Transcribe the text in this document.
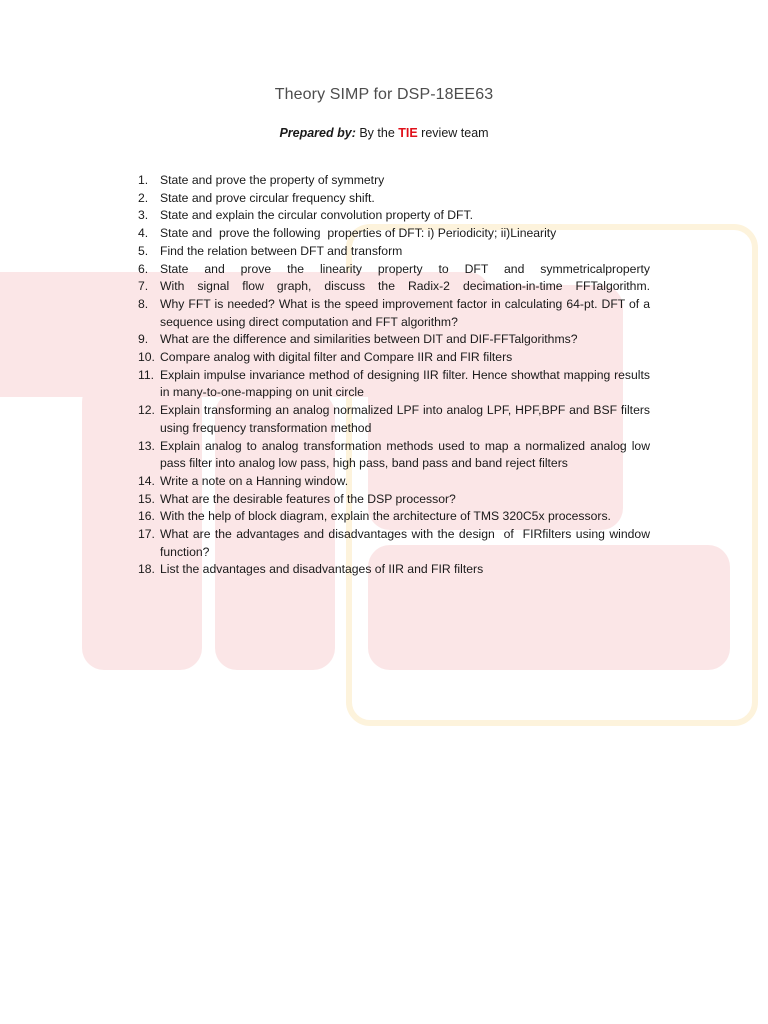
Theory SIMP for DSP-18EE63
Prepared by: By the TIE review team
1. State and prove the property of symmetry
2. State and prove circular frequency shift.
3. State and explain the circular convolution property of DFT.
4. State and  prove the following  properties of DFT: i) Periodicity; ii)Linearity
5. Find the relation between DFT and transform
6. State and prove the linearity property to DFT and symmetricalproperty
7. With signal flow graph, discuss the Radix-2 decimation-in-time FFTalgorithm.
8. Why FFT is needed? What is the speed improvement factor in calculating 64-pt. DFT of a sequence using direct computation and FFT algorithm?
9. What are the difference and similarities between DIT and DIF-FFTalgorithms?
10. Compare analog with digital filter and Compare IIR and FIR filters
11. Explain impulse invariance method of designing IIR filter. Hence showthat mapping results in many-to-one-mapping on unit circle
12. Explain transforming an analog normalized LPF into analog LPF, HPF,BPF and BSF filters using frequency transformation method
13. Explain analog to analog transformation methods used to map a normalized analog low pass filter into analog low pass, high pass, band pass and band reject filters
14. Write a note on a Hanning window.
15. What are the desirable features of the DSP processor?
16. With the help of block diagram, explain the architecture of TMS 320C5x processors.
17. What are the advantages and disadvantages with the design  of  FIRfilters using window function?
18. List the advantages and disadvantages of IIR and FIR filters
